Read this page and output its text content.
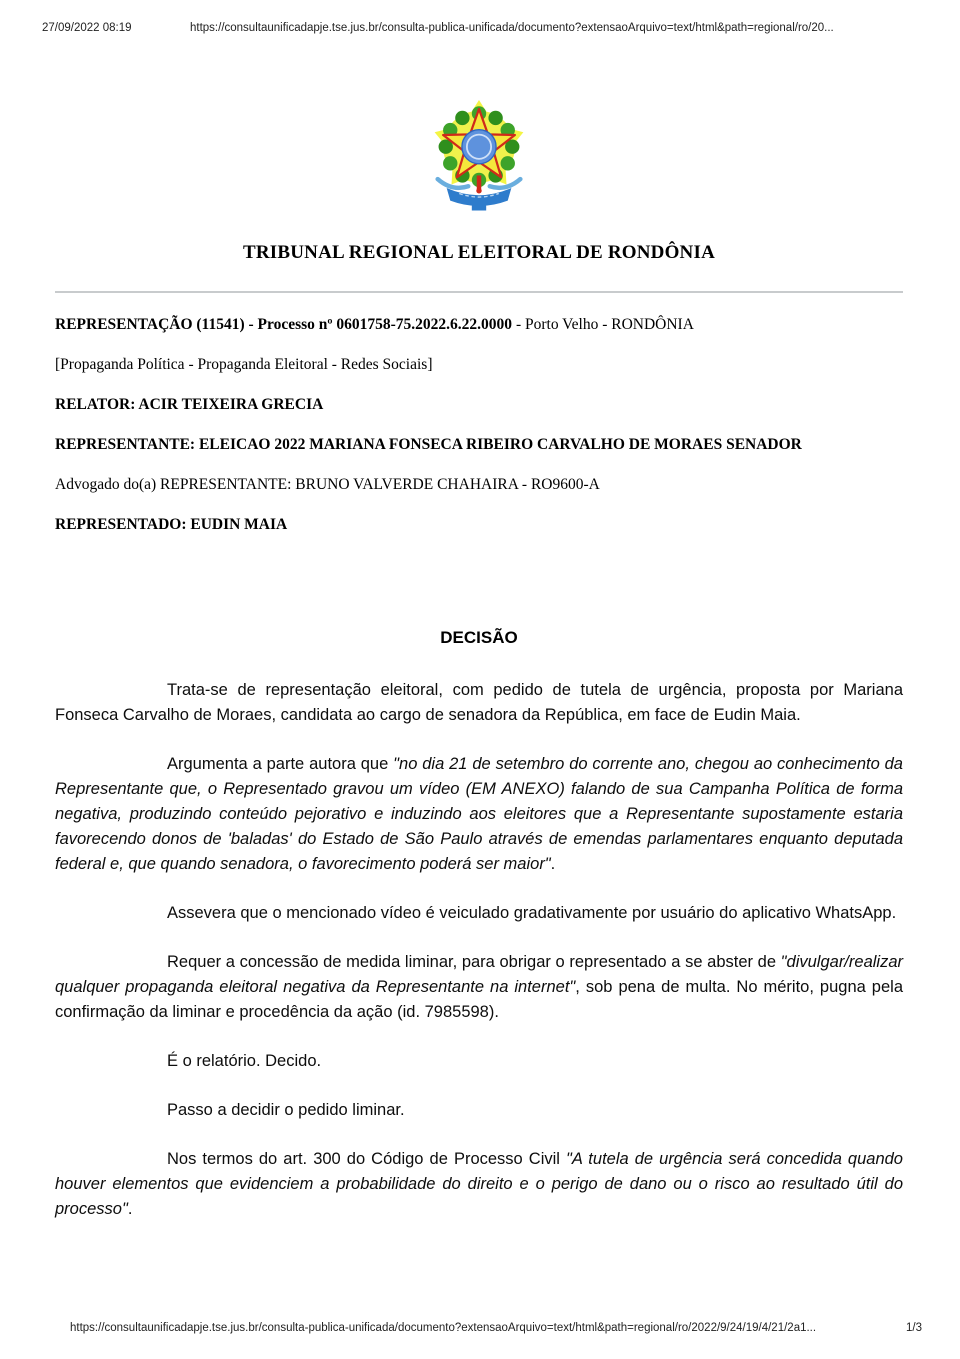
27/09/2022 08:19	https://consultaunificadapje.tse.jus.br/consulta-publica-unificada/documento?extensaoArquivo=text/html&path=regional/ro/20...
TRIBUNAL REGIONAL ELEITORAL DE RONDÔNIA
REPRESENTAÇÃO (11541) - Processo nº 0601758-75.2022.6.22.0000 - Porto Velho - RONDÔNIA
[Propaganda Política - Propaganda Eleitoral - Redes Sociais]
RELATOR: ACIR TEIXEIRA GRECIA
REPRESENTANTE: ELEICAO 2022 MARIANA FONSECA RIBEIRO CARVALHO DE MORAES SENADOR
Advogado do(a) REPRESENTANTE: BRUNO VALVERDE CHAHAIRA - RO9600-A
REPRESENTADO: EUDIN MAIA
DECISÃO

Trata-se de representação eleitoral, com pedido de tutela de urgência, proposta por Mariana Fonseca Carvalho de Moraes, candidata ao cargo de senadora da República, em face de Eudin Maia.

Argumenta a parte autora que "no dia 21 de setembro do corrente ano, chegou ao conhecimento da Representante que, o Representado gravou um vídeo (EM ANEXO) falando de sua Campanha Política de forma negativa, produzindo conteúdo pejorativo e induzindo aos eleitores que a Representante supostamente estaria favorecendo donos de 'baladas' do Estado de São Paulo através de emendas parlamentares enquanto deputada federal e, que quando senadora, o favorecimento poderá ser maior".

Assevera que o mencionado vídeo é veiculado gradativamente por usuário do aplicativo WhatsApp.

Requer a concessão de medida liminar, para obrigar o representado a se abster de "divulgar/realizar qualquer propaganda eleitoral negativa da Representante na internet", sob pena de multa. No mérito, pugna pela confirmação da liminar e procedência da ação (id. 7985598).

É o relatório. Decido.

Passo a decidir o pedido liminar.

Nos termos do art. 300 do Código de Processo Civil "A tutela de urgência será concedida quando houver elementos que evidenciem a probabilidade do direito e o perigo de dano ou o risco ao resultado útil do processo".

https://consultaunificadapje.tse.jus.br/consulta-publica-unificada/documento?extensaoArquivo=text/html&path=regional/ro/2022/9/24/19/4/21/2a1...	1/3
